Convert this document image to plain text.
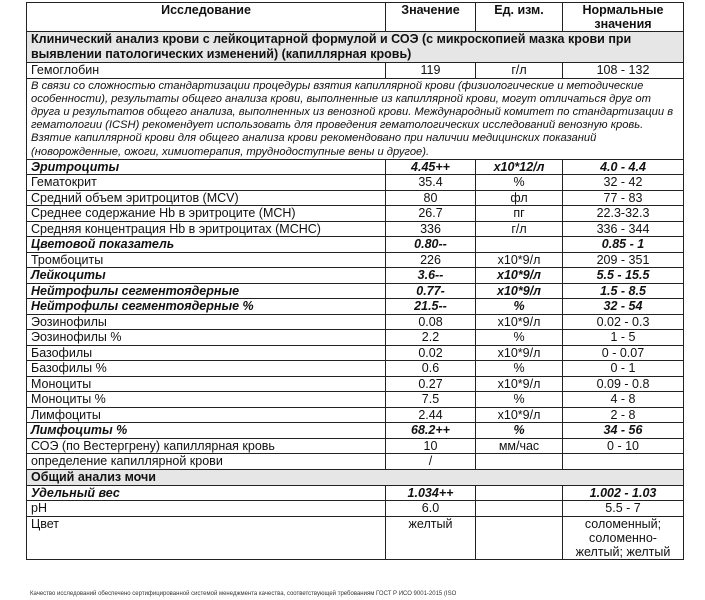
Исследование	Значение	Ед. изм.	Нормальные значения
Клинический анализ крови с лейкоцитарной формулой и СОЭ (с микроскопией мазка крови при выявлении патологических изменений) (капиллярная кровь)			
Гемоглобин	119	г/л	108 - 132
В связи со сложностью стандартизации процедуры взятия капиллярной крови (физиологические и методические особенности), результаты общего анализа крови, выполненные из капиллярной крови, могут отличаться друг от друга и результатов общего анализа, выполненных из венозной крови. Международный комитет по стандартизации в гематологии (ICSH) рекомендует использовать для проведения гематологических исследований венозную кровь. Взятие капиллярной крови для общего анализа крови рекомендовано при наличии медицинских показаний (новорожденные, ожоги, химиотерапия, труднодоступные вены и другое).			
Эритроциты	4.45++	x10*12/л	4.0 - 4.4
Гематокрит	35.4	%	32 - 42
Средний объем эритроцитов (MCV)	80	фл	77 - 83
Среднее содержание Hb в эритроците (MCH)	26.7	пг	22.3-32.3
Средняя концентрация Hb в эритроцитах (MCHC)	336	г/л	336 - 344
Цветовой показатель	0.80--		0.85 - 1
Тромбоциты	226	x10*9/л	209 - 351
Лейкоциты	3.6--	x10*9/л	5.5 - 15.5
Нейтрофилы сегментоядерные	0.77-	x10*9/л	1.5 - 8.5
Нейтрофилы сегментоядерные %	21.5--	%	32 - 54
Эозинофилы	0.08	x10*9/л	0.02 - 0.3
Эозинофилы %	2.2	%	1 - 5
Базофилы	0.02	x10*9/л	0 - 0.07
Базофилы %	0.6	%	0 - 1
Моноциты	0.27	x10*9/л	0.09 - 0.8
Моноциты %	7.5	%	4 - 8
Лимфоциты	2.44	x10*9/л	2 - 8
Лимфоциты %	68.2++	%	34 - 56
СОЭ (по Вестергрену) капиллярная кровь	10	мм/час	0 - 10
определение капиллярной крови	/		
Общий анализ мочи			
Удельный вес	1.034++		1.002 - 1.03
pH	6.0		5.5 - 7
Цвет	желтый		соломенный; соломенно-желтый; желтый
Качество исследований обеспечено сертифицированной системой менеджмента качества, соответствующей требованиям ГОСТ Р ИСО 9001-2015 (ISO
